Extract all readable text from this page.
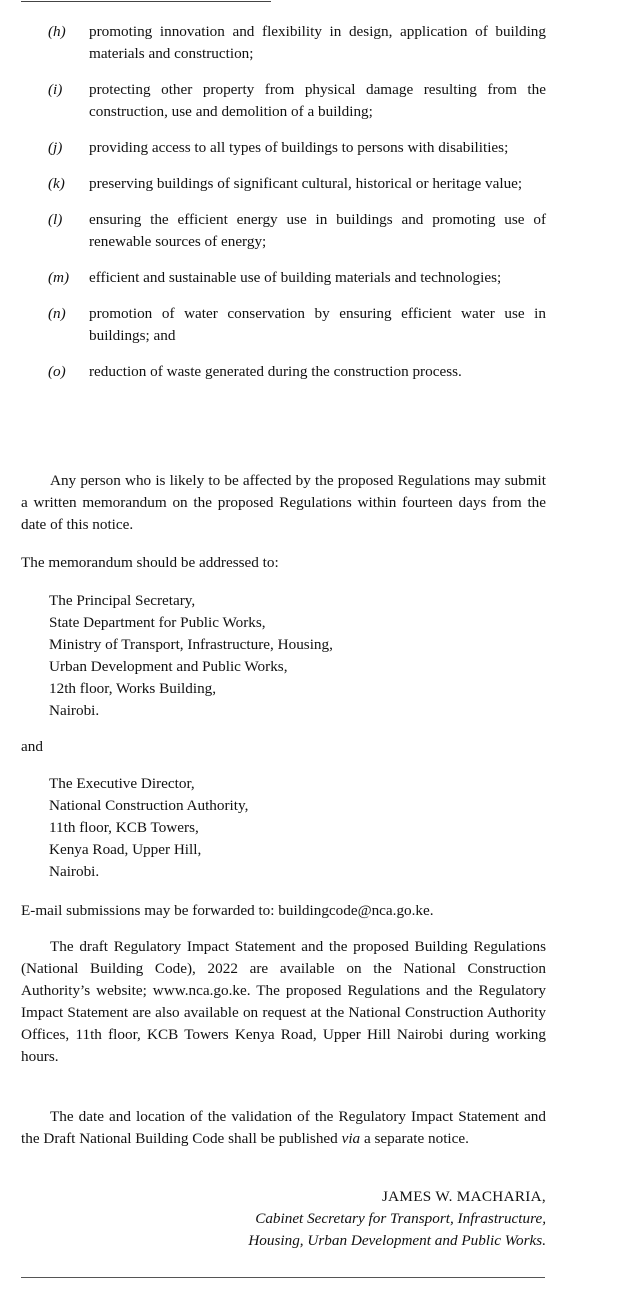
(h)	promoting innovation and flexibility in design, application of building materials and construction;
(i)	protecting other property from physical damage resulting from the construction, use and demolition of a building;
(j)	providing access to all types of buildings to persons with disabilities;
(k)	preserving buildings of significant cultural, historical or heritage value;
(l)	ensuring the efficient energy use in buildings and promoting use of renewable sources of energy;
(m)	efficient and sustainable use of building materials and technologies;
(n)	promotion of water conservation by ensuring efficient water use in buildings; and
(o)	reduction of waste generated during the construction process.

Any person who is likely to be affected by the proposed Regulations may submit a written memorandum on the proposed Regulations within fourteen days from the date of this notice.

The memorandum should be addressed to:

The Principal Secretary,
State Department for Public Works,
Ministry of Transport, Infrastructure, Housing,
Urban Development and Public Works,
12th floor, Works Building,
Nairobi.

and

The Executive Director,
National Construction Authority,
11th floor, KCB Towers,
Kenya Road, Upper Hill,
Nairobi.

E-mail submissions may be forwarded to: buildingcode@nca.go.ke.

The draft Regulatory Impact Statement and the proposed Building Regulations (National Building Code), 2022 are available on the National Construction Authority’s website; www.nca.go.ke. The proposed Regulations and the Regulatory Impact Statement are also available on request at the National Construction Authority Offices, 11th floor, KCB Towers Kenya Road, Upper Hill Nairobi during working hours.

The date and location of the validation of the Regulatory Impact Statement and the Draft National Building Code shall be published via a separate notice.

JAMES W. MACHARIA,
Cabinet Secretary for Transport, Infrastructure,
Housing, Urban Development and Public Works.
